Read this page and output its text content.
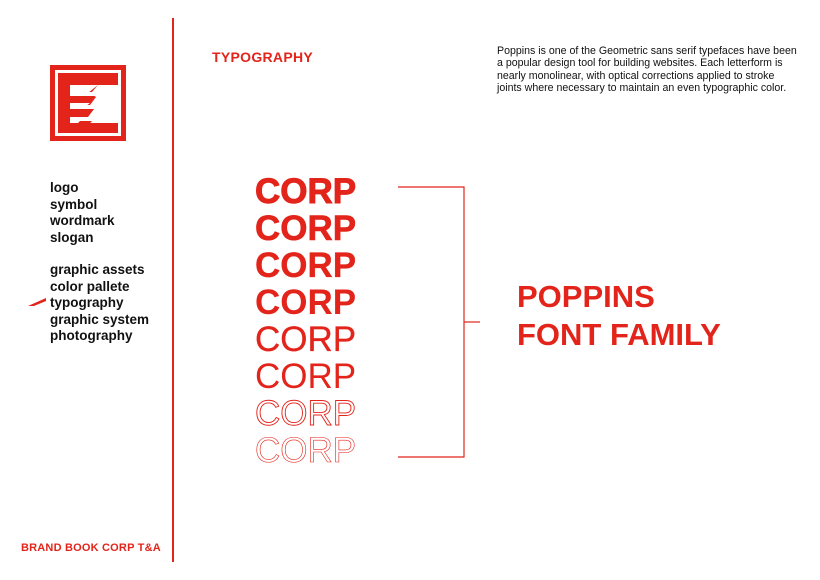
logo
symbol
wordmark
slogan
graphic assets
color pallete
typography
graphic system
photography
BRAND BOOK CORP T&A
TYPOGRAPHY	Poppins is one of the Geometric sans serif typefaces have been a popular design tool for building websites. Each letterform is nearly monolinear, with optical corrections applied to stroke joints where necessary to maintain an even typographic color.
CORP
CORP
CORP
CORP
CORP
CORP
CORP
CORP
POPPINS
FONT FAMILY
